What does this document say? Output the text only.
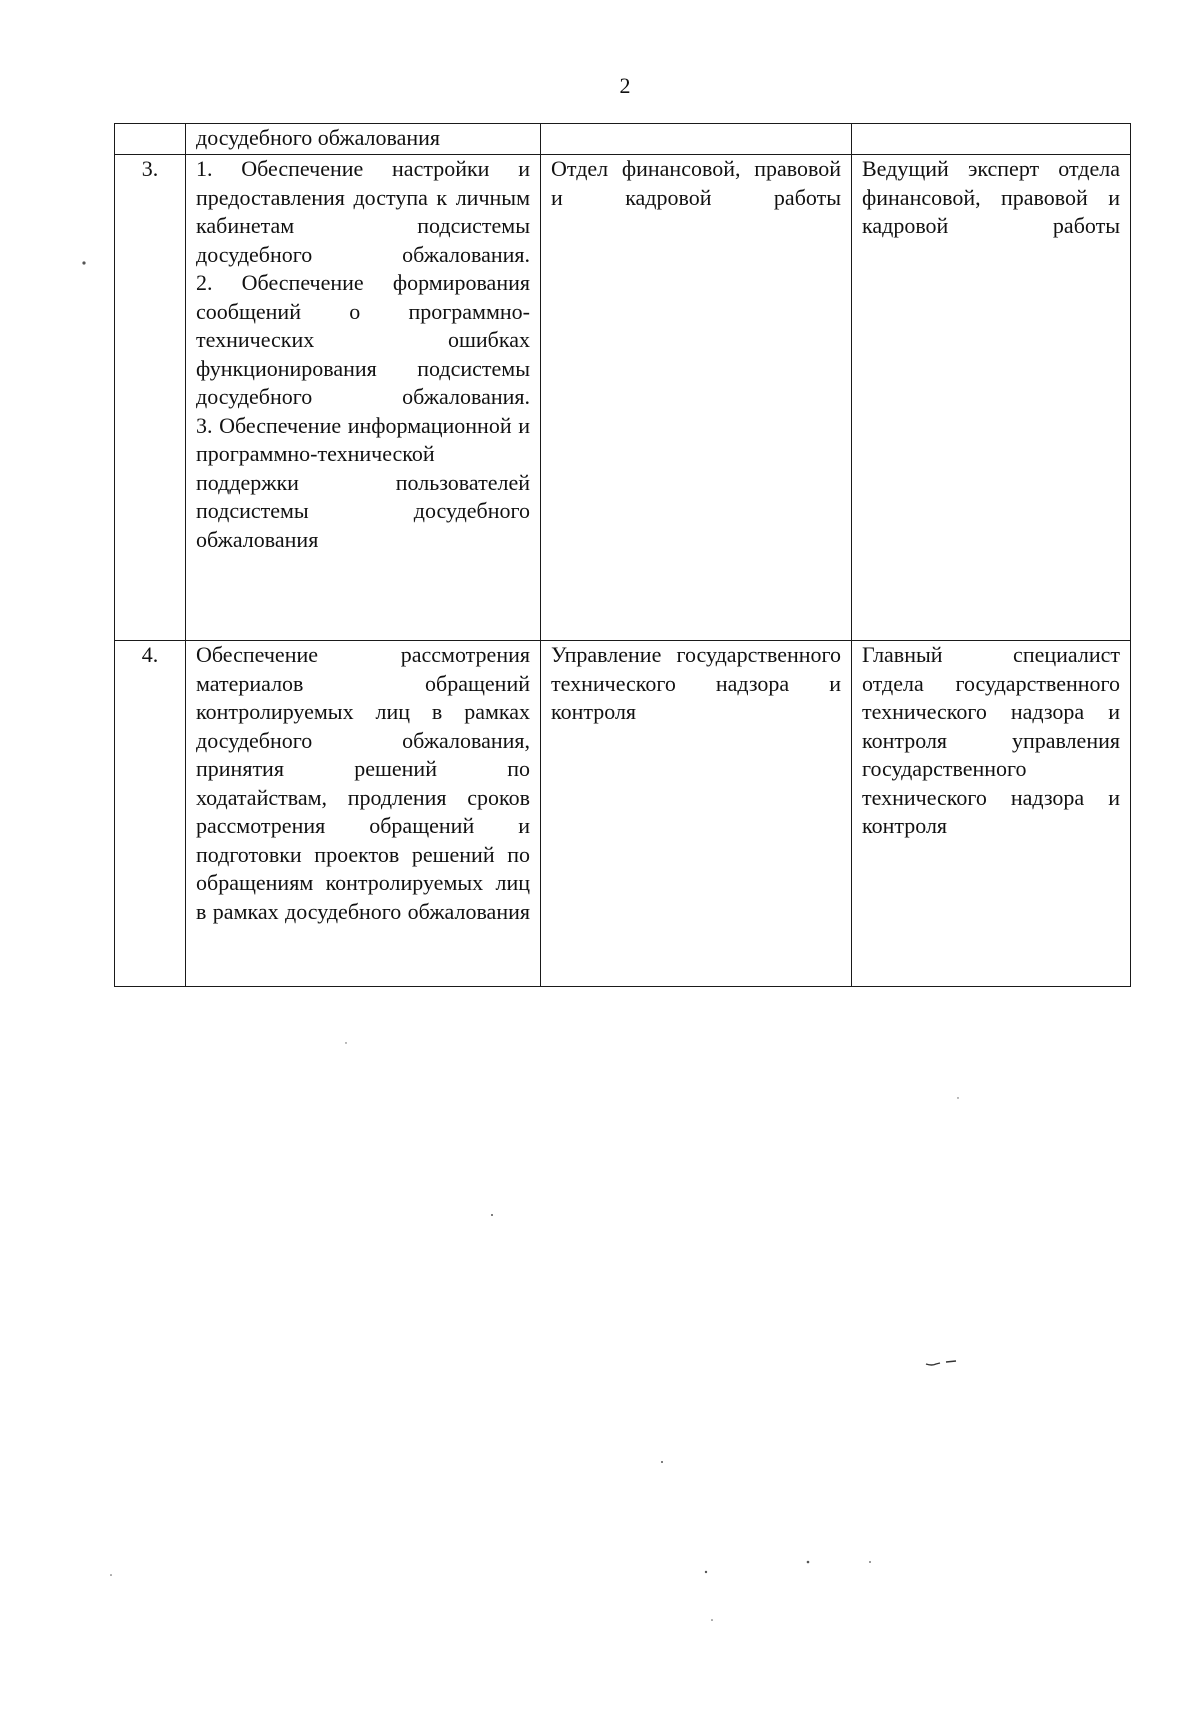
2

	досудебного обжалования		

3.	1. Обеспечение настройки и предоставления доступа к личным кабинетам подсистемы досудебного обжалования.
2. Обеспечение формирования сообщений о программно-технических ошибках функционирования подсистемы досудебного обжалования.
3. Обеспечение информационной и программно-технической поддержки пользователей подсистемы досудебного обжалования	Отдел финансовой, правовой и кадровой работы	Ведущий эксперт отдела финансовой, правовой и кадровой работы

4.	Обеспечение рассмотрения материалов обращений контролируемых лиц в рамках досудебного обжалования, принятия решений по ходатайствам, продления сроков рассмотрения обращений и подготовки проектов решений по обращениям контролируемых лиц в рамках досудебного обжалования	Управление государственного технического надзора и контроля	Главный специалист отдела государственного технического надзора и контроля управления государственного технического надзора и контроля
